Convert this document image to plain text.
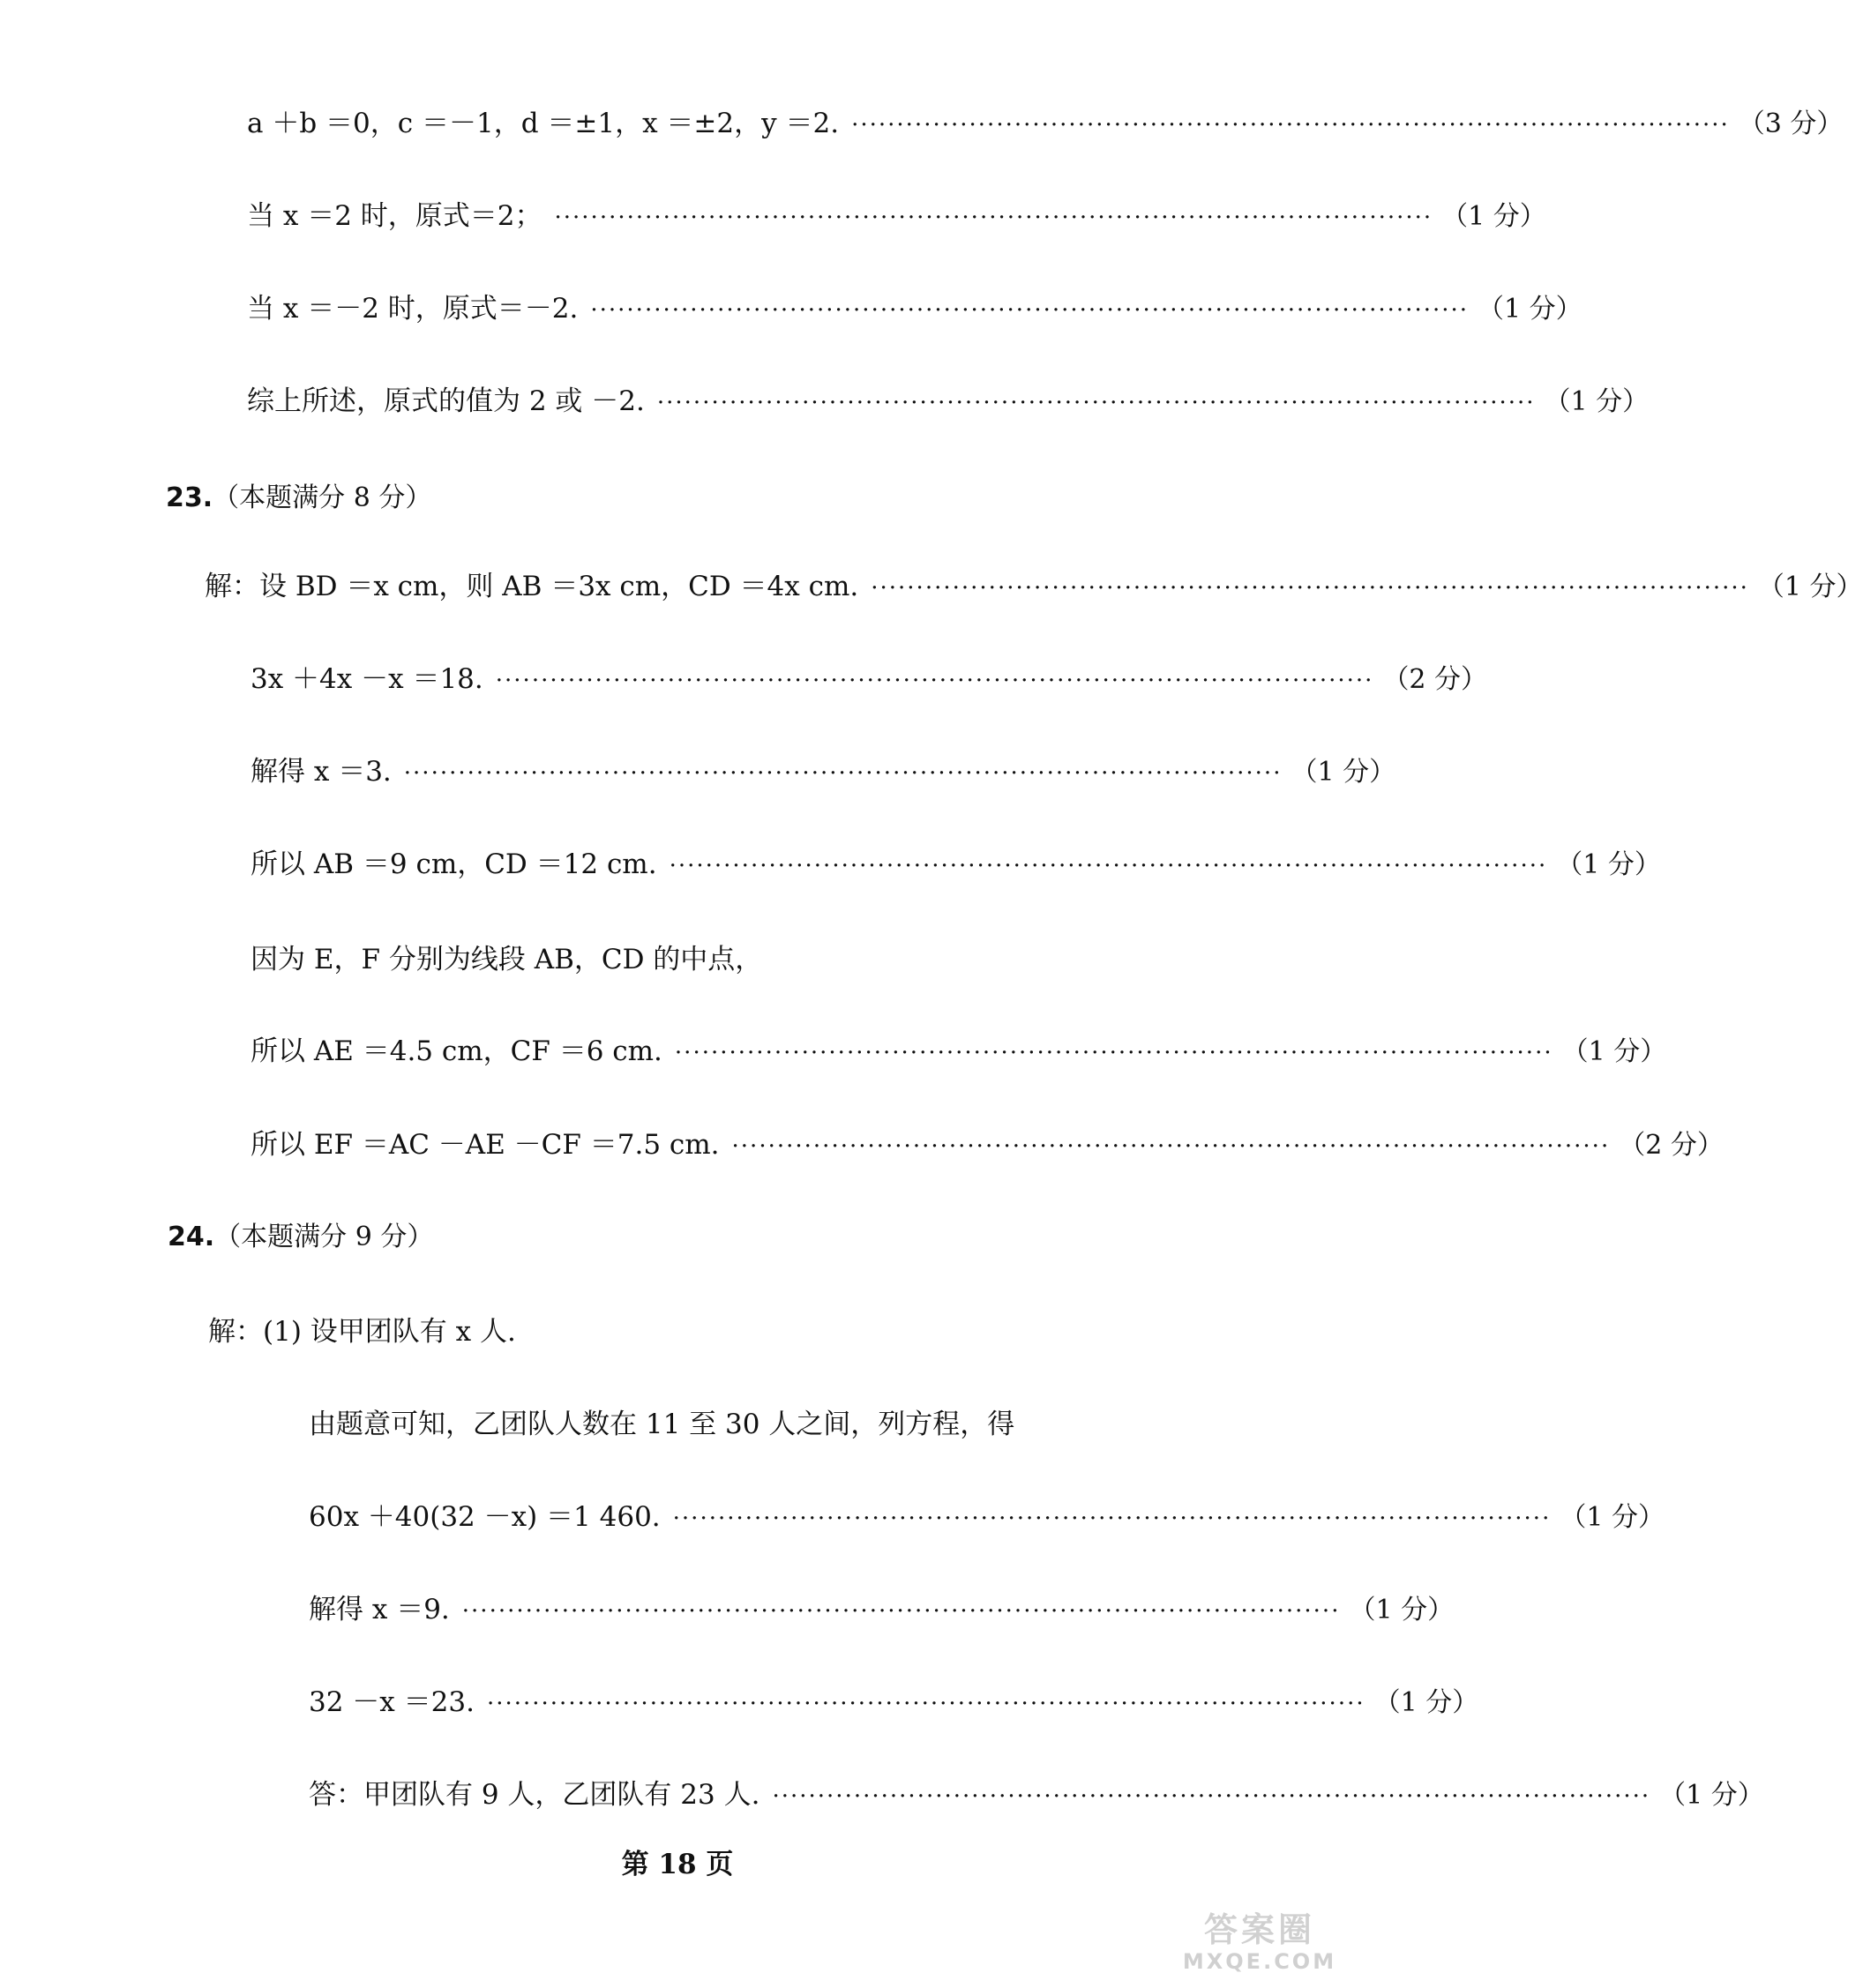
a ＋b ＝0，c ＝－1，d ＝±1，x ＝±2，y ＝2. ································································································· （3 分）
当 x ＝2 时，原式＝2； ································································································· （1 分）
当 x ＝－2 时，原式＝－2. ································································································· （1 分）
综上所述，原式的值为 2 或 －2. ································································································· （1 分）
23.（本题满分 8 分）
解：设 BD ＝x cm，则 AB ＝3x cm，CD ＝4x cm. ································································································· （1 分）
3x ＋4x －x ＝18. ································································································· （2 分）
解得 x ＝3. ································································································· （1 分）
所以 AB ＝9 cm，CD ＝12 cm. ································································································· （1 分）
因为 E，F 分别为线段 AB，CD 的中点，
所以 AE ＝4.5 cm，CF ＝6 cm. ································································································· （1 分）
所以 EF ＝AC －AE －CF ＝7.5 cm. ································································································· （2 分）
24.（本题满分 9 分）
解：(1) 设甲团队有 x 人.
由题意可知，乙团队人数在 11 至 30 人之间，列方程，得
60x ＋40(32 －x) ＝1 460. ································································································· （1 分）
解得 x ＝9. ································································································· （1 分）
32 －x ＝23. ································································································· （1 分）
答：甲团队有 9 人，乙团队有 23 人. ································································································· （1 分）
第 18 页
答案圈
MXQE.COM
